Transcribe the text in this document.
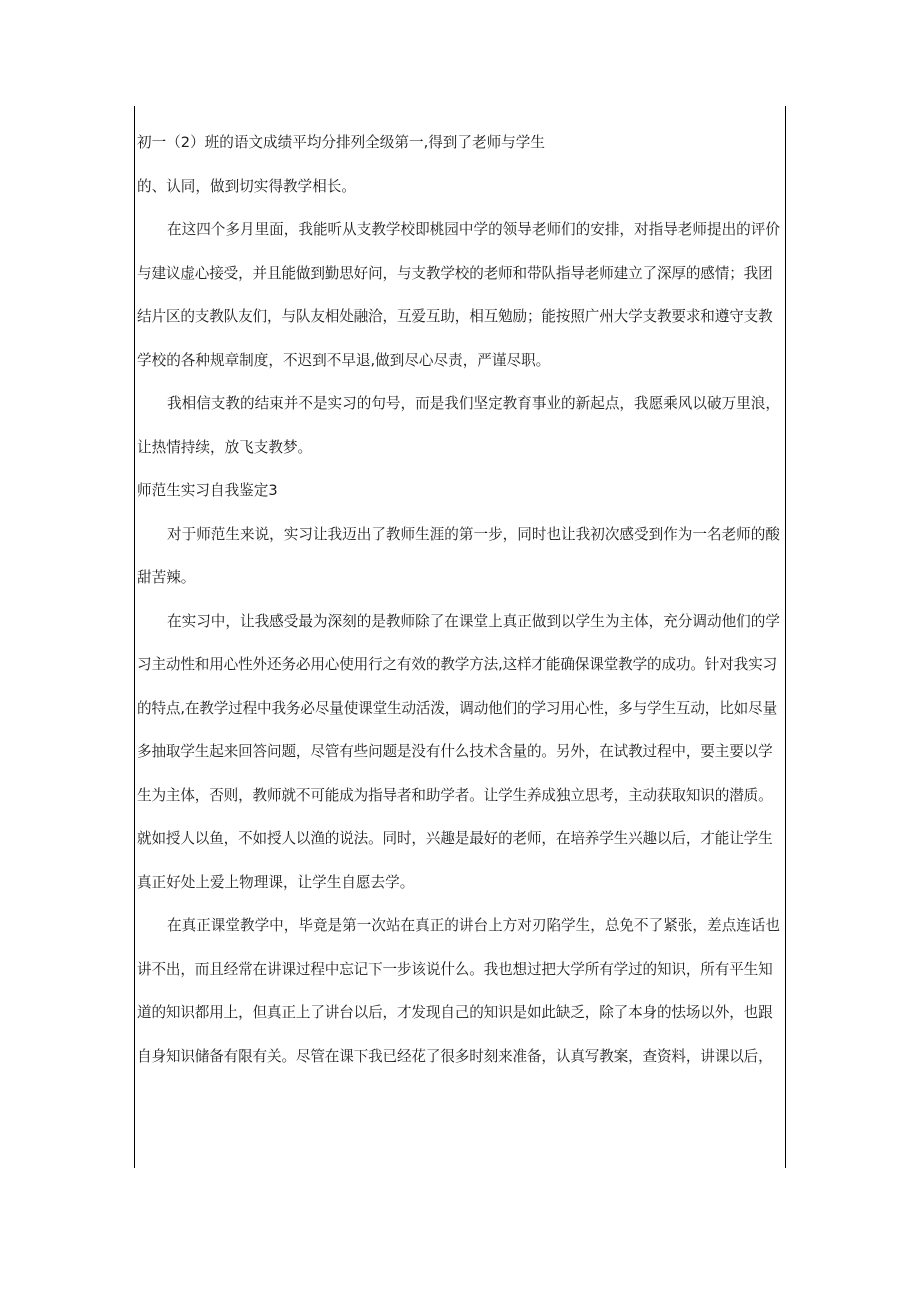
初一（2）班的语文成绩平均分排列全级第一,得到了老师与学生
的、认同，做到切实得教学相长。
在这四个多月里面，我能听从支教学校即桃园中学的领导老师们的安排，对指导老师提出的评价
与建议虚心接受，并且能做到勤思好问，与支教学校的老师和带队指导老师建立了深厚的感情；我团
结片区的支教队友们，与队友相处融洽，互爱互助，相互勉励；能按照广州大学支教要求和遵守支教
学校的各种规章制度，不迟到不早退,做到尽心尽责，严谨尽职。
我相信支教的结束并不是实习的句号，而是我们坚定教育事业的新起点，我愿乘风以破万里浪，
让热情持续，放飞支教梦。
师范生实习自我鉴定3
对于师范生来说，实习让我迈出了教师生涯的第一步，同时也让我初次感受到作为一名老师的酸
甜苦辣。
在实习中，让我感受最为深刻的是教师除了在课堂上真正做到以学生为主体，充分调动他们的学
习主动性和用心性外还务必用心使用行之有效的教学方法,这样才能确保课堂教学的成功。针对我实习
的特点,在教学过程中我务必尽量使课堂生动活泼，调动他们的学习用心性，多与学生互动，比如尽量
多抽取学生起来回答问题，尽管有些问题是没有什么技术含量的。另外，在试教过程中，要主要以学
生为主体，否则，教师就不可能成为指导者和助学者。让学生养成独立思考，主动获取知识的潜质。
就如授人以鱼，不如授人以渔的说法。同时，兴趣是最好的老师，在培养学生兴趣以后，才能让学生
真正好处上爱上物理课，让学生自愿去学。
在真正课堂教学中，毕竟是第一次站在真正的讲台上方对刃陷学生，总免不了紧张，差点连话也
讲不出，而且经常在讲课过程中忘记下一步该说什么。我也想过把大学所有学过的知识，所有平生知
道的知识都用上，但真正上了讲台以后，才发现自己的知识是如此缺乏，除了本身的怯场以外，也跟
自身知识储备有限有关。尽管在课下我已经花了很多时刻来准备，认真写教案，查资料，讲课以后，
